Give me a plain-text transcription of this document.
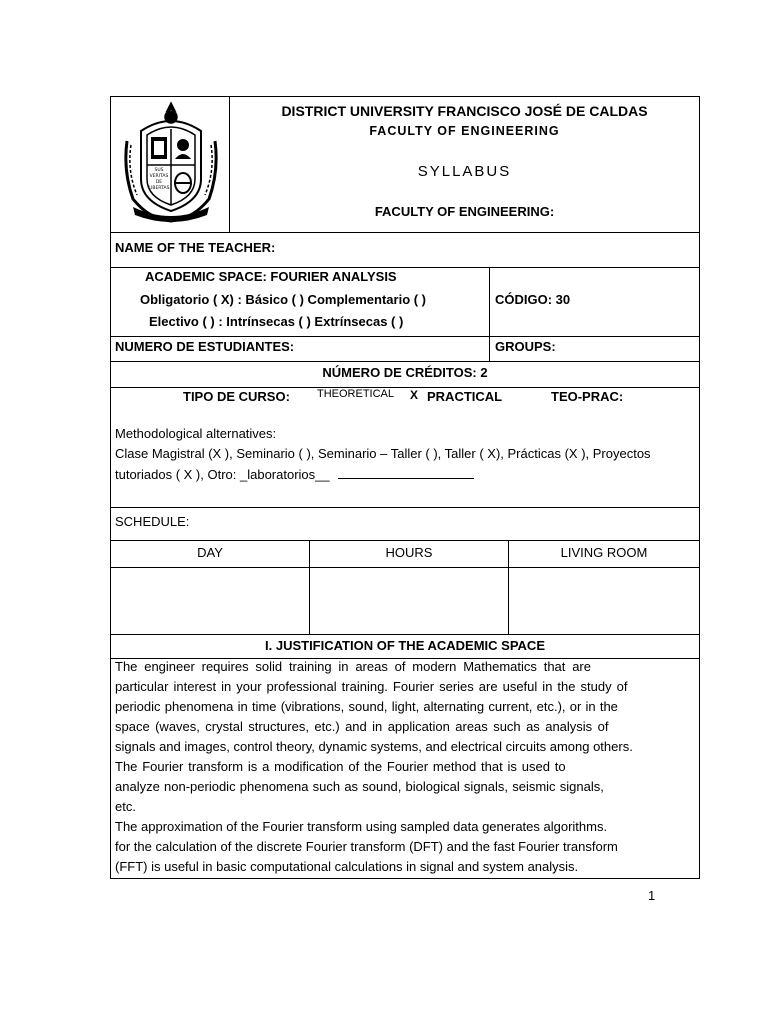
SUS
VERITAS
DE
LIBERTAS
DISTRICT UNIVERSITY FRANCISCO JOSÉ DE CALDAS
FACULTY OF ENGINEERING
SYLLABUS
FACULTY OF ENGINEERING:
NAME OF THE TEACHER:
ACADEMIC SPACE: FOURIER ANALYSIS
Obligatorio ( X) : Básico ( ) Complementario ( )
Electivo ( ) : Intrínsecas ( ) Extrínsecas ( )
CÓDIGO: 30
NUMERO DE ESTUDIANTES:	GROUPS:
NÚMERO DE CRÉDITOS: 2
TIPO DE CURSO: THEORETICAL X PRACTICAL	TEO-PRAC:
Methodological alternatives:
Clase Magistral (X ), Seminario ( ), Seminario – Taller ( ), Taller ( X), Prácticas (X ), Proyectos
tutoriados ( X ), Otro: _laboratorios__
SCHEDULE:
DAY	HOURS	LIVING ROOM
I. JUSTIFICATION OF THE ACADEMIC SPACE
The engineer requires solid training in areas of modern Mathematics that are
particular interest in your professional training. Fourier series are useful in the study of
periodic phenomena in time (vibrations, sound, light, alternating current, etc.), or in the
space (waves, crystal structures, etc.) and in application areas such as analysis of
signals and images, control theory, dynamic systems, and electrical circuits among others.
The Fourier transform is a modification of the Fourier method that is used to
analyze non-periodic phenomena such as sound, biological signals, seismic signals,
etc.
The approximation of the Fourier transform using sampled data generates algorithms.
for the calculation of the discrete Fourier transform (DFT) and the fast Fourier transform
(FFT) is useful in basic computational calculations in signal and system analysis.
1
